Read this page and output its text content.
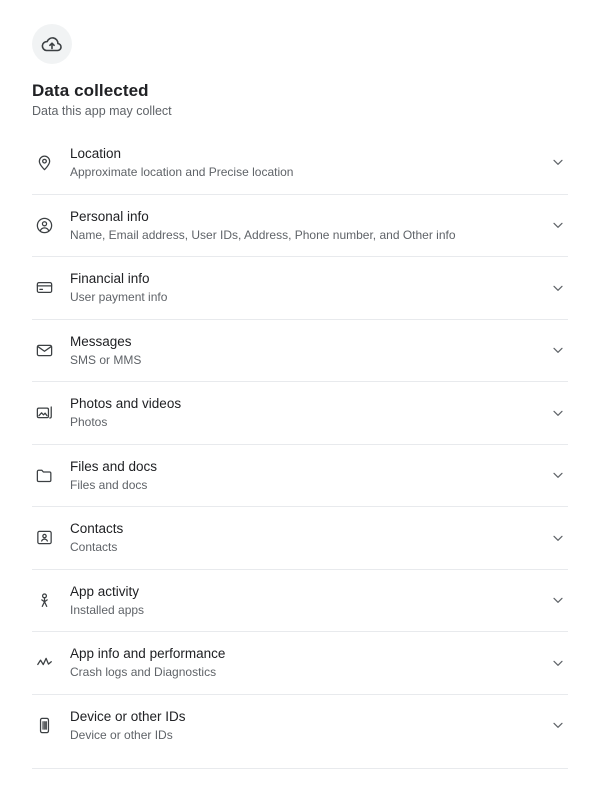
Data collected
Data this app may collect
Location
Approximate location and Precise location
Personal info
Name, Email address, User IDs, Address, Phone number, and Other info
Financial info
User payment info
Messages
SMS or MMS
Photos and videos
Photos
Files and docs
Files and docs
Contacts
Contacts
App activity
Installed apps
App info and performance
Crash logs and Diagnostics
Device or other IDs
Device or other IDs
